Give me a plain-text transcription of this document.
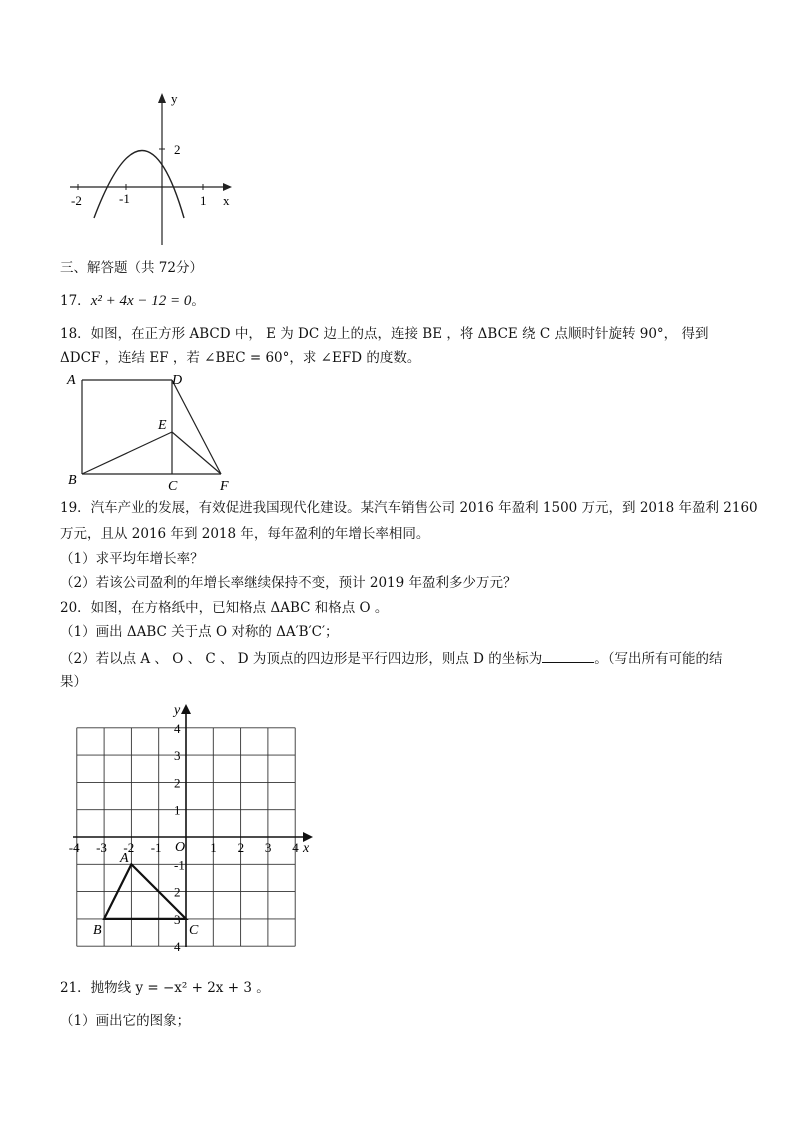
-2	-1	1
2
x
y
三、解答题（共 72分）
17．x² + 4x − 12 = 0。
18．如图，在正方形 ABCD 中， E 为 DC 边上的点，连接 BE ，将 ΔBCE 绕 C 点顺时针旋转 90°， 得到
ΔDCF ，连结 EF ，若 ∠BEC = 60°，求 ∠EFD 的度数。
A	D
E
B	C	F
19．汽车产业的发展，有效促进我国现代化建设。某汽车销售公司 2016 年盈利 1500 万元，到 2018 年盈利 2160
万元，且从 2016 年到 2018 年，每年盈利的年增长率相同。
（1）求平均年增长率？
（2）若该公司盈利的年增长率继续保持不变，预计 2019 年盈利多少万元？
20．如图，在方格纸中，已知格点 ΔABC 和格点 O 。
（1）画出 ΔABC 关于点 O 对称的 ΔA′B′C′；
（2）若以点 A 、 O 、 C 、 D 为顶点的四边形是平行四边形，则点 D 的坐标为	。（写出所有可能的结
果）
-4 -3 -2 -1	1 2 3 4
4
3
2
1
-1
2
3
4
x
y
O
A
B	C
21．抛物线 y = −x² + 2x + 3 。
（1）画出它的图象；
